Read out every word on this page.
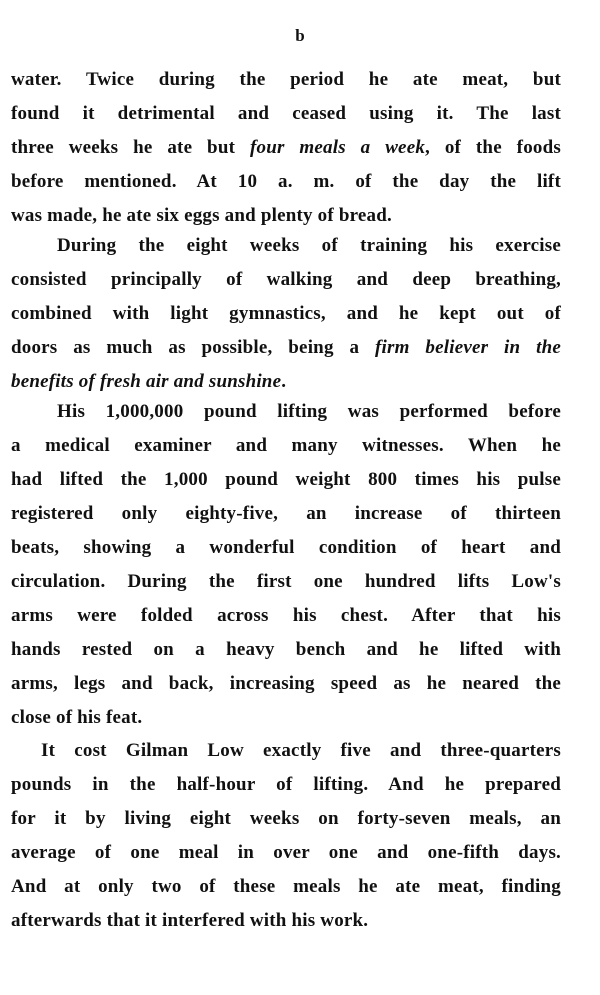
b
water. Twice during the period he ate meat, but
found it detrimental and ceased using it. The last
three weeks he ate but four meals a week, of the foods
before mentioned. At 10 a. m. of the day the lift
was made, he ate six eggs and plenty of bread.
During the eight weeks of training his exercise
consisted principally of walking and deep breathing,
combined with light gymnastics, and he kept out of
doors as much as possible, being a firm believer in the
benefits of fresh air and sunshine.
His 1,000,000 pound lifting was performed before
a medical examiner and many witnesses. When he
had lifted the 1,000 pound weight 800 times his pulse
registered only eighty-five, an increase of thirteen
beats, showing a wonderful condition of heart and
circulation. During the first one hundred lifts Low's
arms were folded across his chest. After that his
hands rested on a heavy bench and he lifted with
arms, legs and back, increasing speed as he neared the
close of his feat.
It cost Gilman Low exactly five and three-quarters
pounds in the half-hour of lifting. And he prepared
for it by living eight weeks on forty-seven meals, an
average of one meal in over one and one-fifth days.
And at only two of these meals he ate meat, finding
afterwards that it interfered with his work.
